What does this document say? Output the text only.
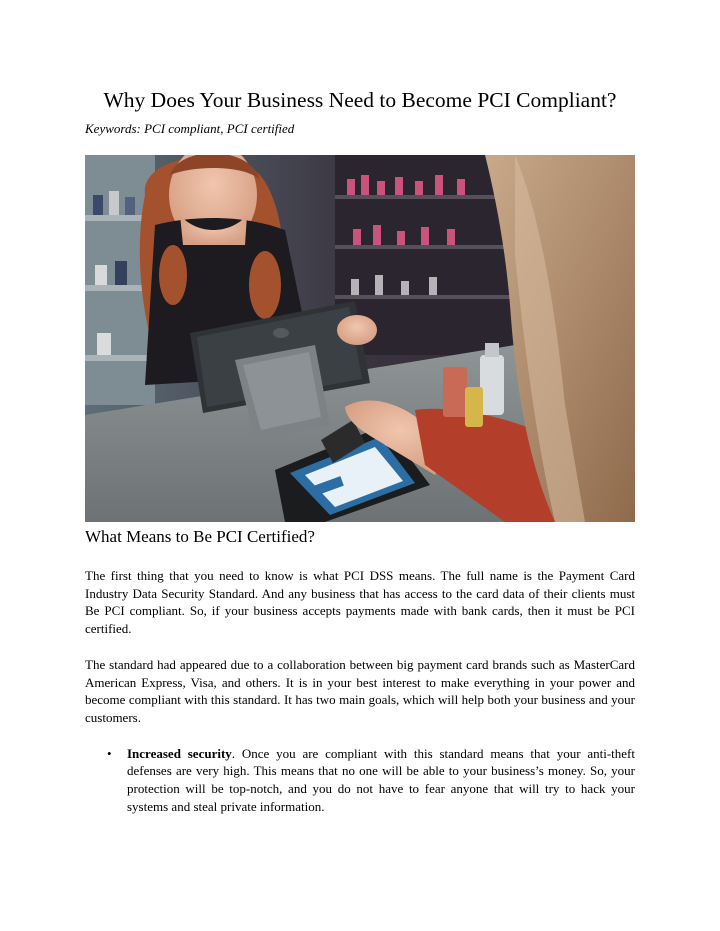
Why Does Your Business Need to Become PCI Compliant?

Keywords: PCI compliant, PCI certified

What Means to Be PCI Certified?

The first thing that you need to know is what PCI DSS means. The full name is the Payment Card Industry Data Security Standard. And any business that has access to the card data of their clients must Be PCI compliant. So, if your business accepts payments made with bank cards, then it must be PCI certified.

The standard had appeared due to a collaboration between big payment card brands such as MasterCard American Express, Visa, and others. It is in your best interest to make everything in your power and become compliant with this standard. It has two main goals, which will help both your business and your customers.

• Increased security. Once you are compliant with this standard means that your anti-theft defenses are very high. This means that no one will be able to your business’s money. So, your protection will be top-notch, and you do not have to fear anyone that will try to hack your systems and steal private information.
